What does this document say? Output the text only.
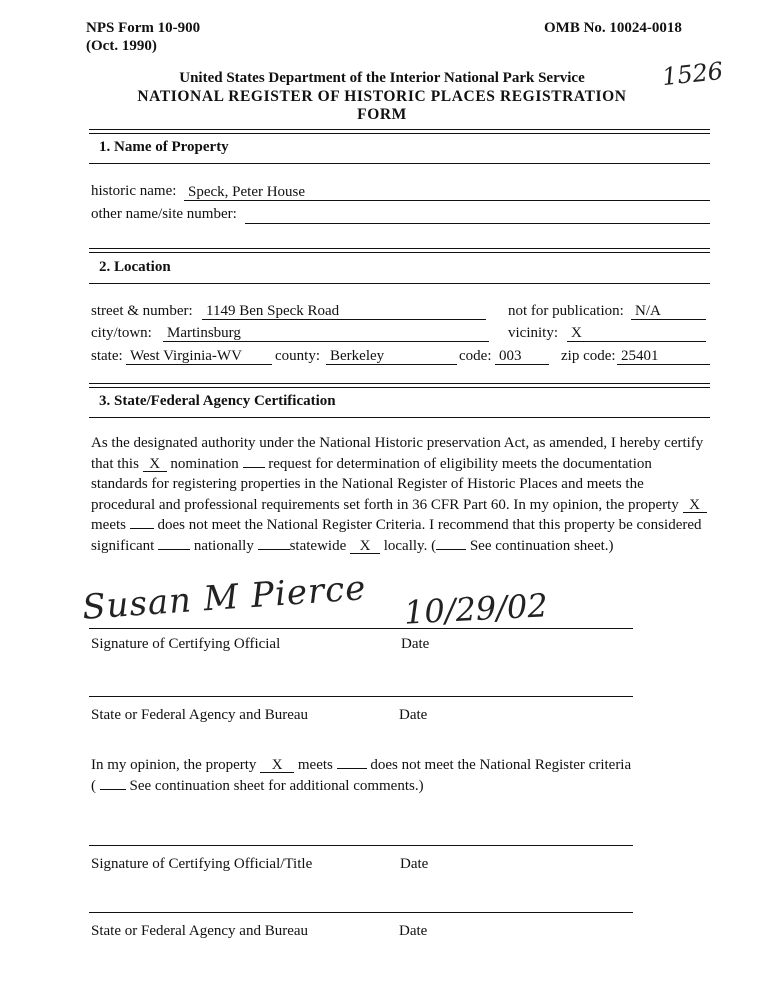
NPS Form 10-900
(Oct. 1990)
OMB No. 10024-0018
1526
United States Department of the Interior National Park Service
NATIONAL REGISTER OF HISTORIC PLACES REGISTRATION
FORM
1. Name of Property
historic name: Speck, Peter House
other name/site number:
2. Location
street & number: 1149 Ben Speck Road	not for publication: N/A
city/town: Martinsburg	vicinity: X
state: West Virginia-WV	county: Berkeley	code: 003	zip code: 25401
3. State/Federal Agency Certification
As the designated authority under the National Historic preservation Act, as amended, I hereby certify that this X nomination request for determination of eligibility meets the documentation standards for registering properties in the National Register of Historic Places and meets the procedural and professional requirements set forth in 36 CFR Part 60. In my opinion, the property X meets does not meet the National Register Criteria. I recommend that this property be considered significant	nationally statewide X locally. ( See continuation sheet.)
Susan M Pierce 10/29/02
Signature of Certifying Official	Date
State or Federal Agency and Bureau	Date
In my opinion, the property X meets	does not meet the National Register criteria
( See continuation sheet for additional comments.)
Signature of Certifying Official/Title	Date
State or Federal Agency and Bureau	Date
